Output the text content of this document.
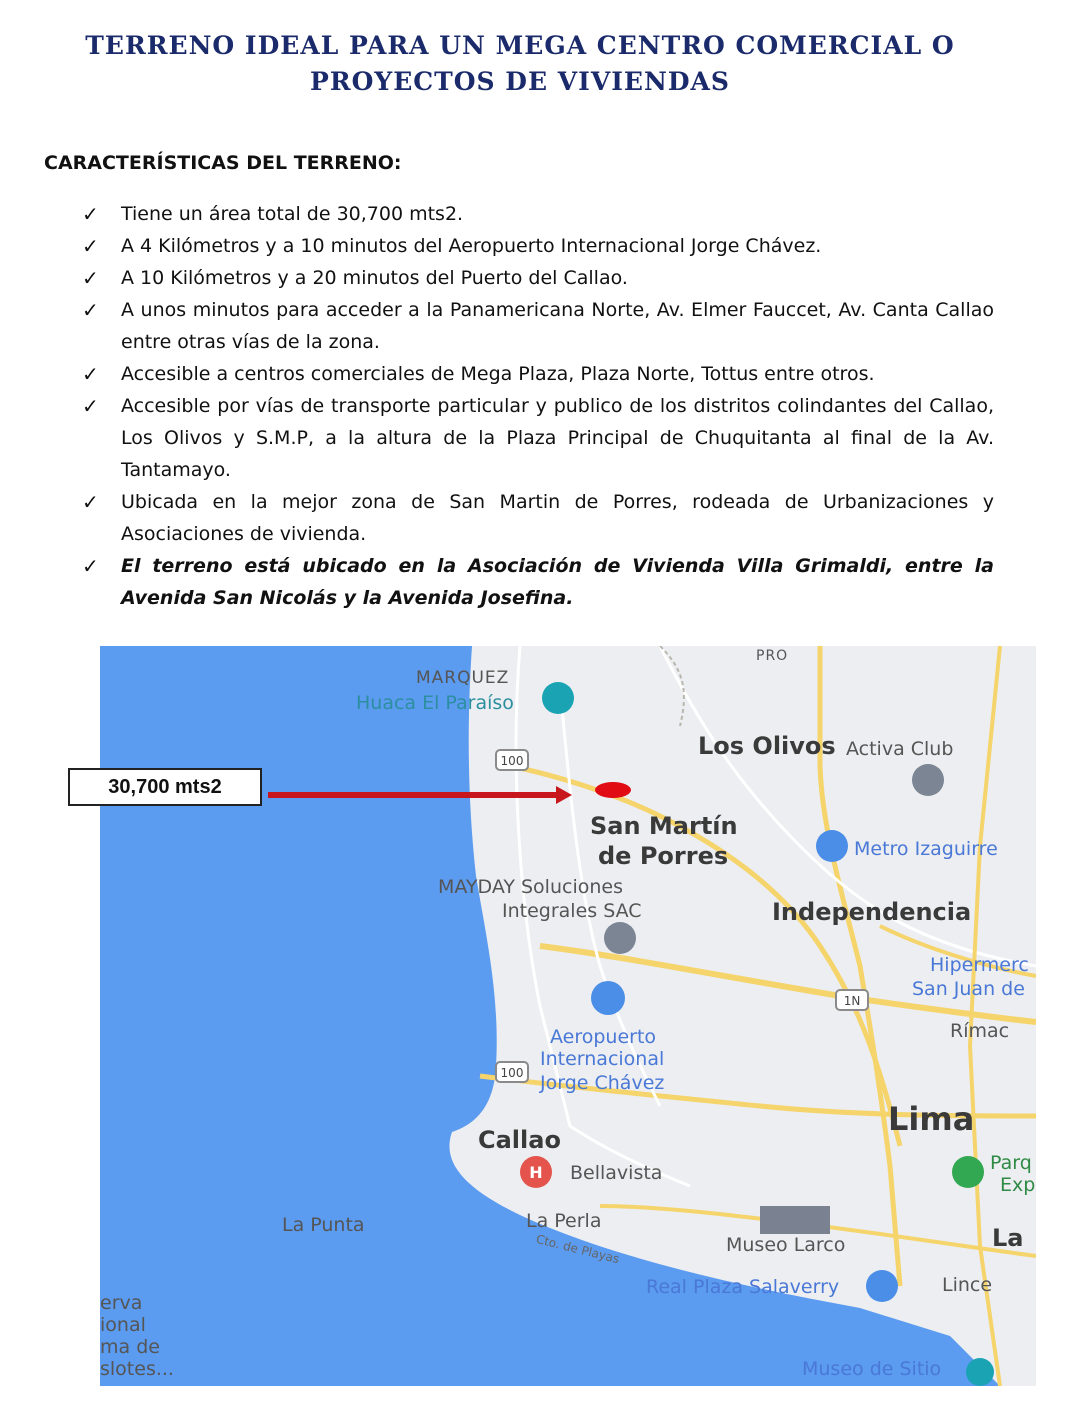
TERRENO IDEAL PARA UN MEGA CENTRO COMERCIAL O
PROYECTOS DE VIVIENDAS
CARACTERÍSTICAS DEL TERRENO:
✓ Tiene un área total de 30,700 mts2.
✓ A 4 Kilómetros y a 10 minutos del Aeropuerto Internacional Jorge Chávez.
✓ A 10 Kilómetros y a 20 minutos del Puerto del Callao.
✓ A unos minutos para acceder a la Panamericana Norte, Av. Elmer Fauccet, Av. Canta Callao entre otras vías de la zona.
✓ Accesible a centros comerciales de Mega Plaza, Plaza Norte, Tottus entre otros.
✓ Accesible por vías de transporte particular y publico de los distritos colindantes del Callao, Los Olivos y S.M.P, a la altura de la Plaza Principal de Chuquitanta al final de la Av. Tantamayo.
✓ Ubicada en la mejor zona de San Martin de Porres, rodeada de Urbanizaciones y Asociaciones de vivienda.
✓ El terreno está ubicado en la Asociación de Vivienda Villa Grimaldi, entre la Avenida San Nicolás y la Avenida Josefina.
100
100
1N
H
PRO
MARQUEZ
Huaca El Paraíso
Los Olivos Activa Club
San Martín
de Porres	Metro Izaguirre
MAYDAY Soluciones
Integrales SAC	Independencia
Hipermerc
San Juan de
Rímac
Aeropuerto
Internacional
Jorge Chávez
Lima
Callao
Bellavista	Parq
Exp
La Punta	La Perla
Museo Larco	La
Cto. de Playas
Real Plaza Salaverry	Lince
erva
ional
ma de
slotes...	Museo de Sitio
30,700 mts2
